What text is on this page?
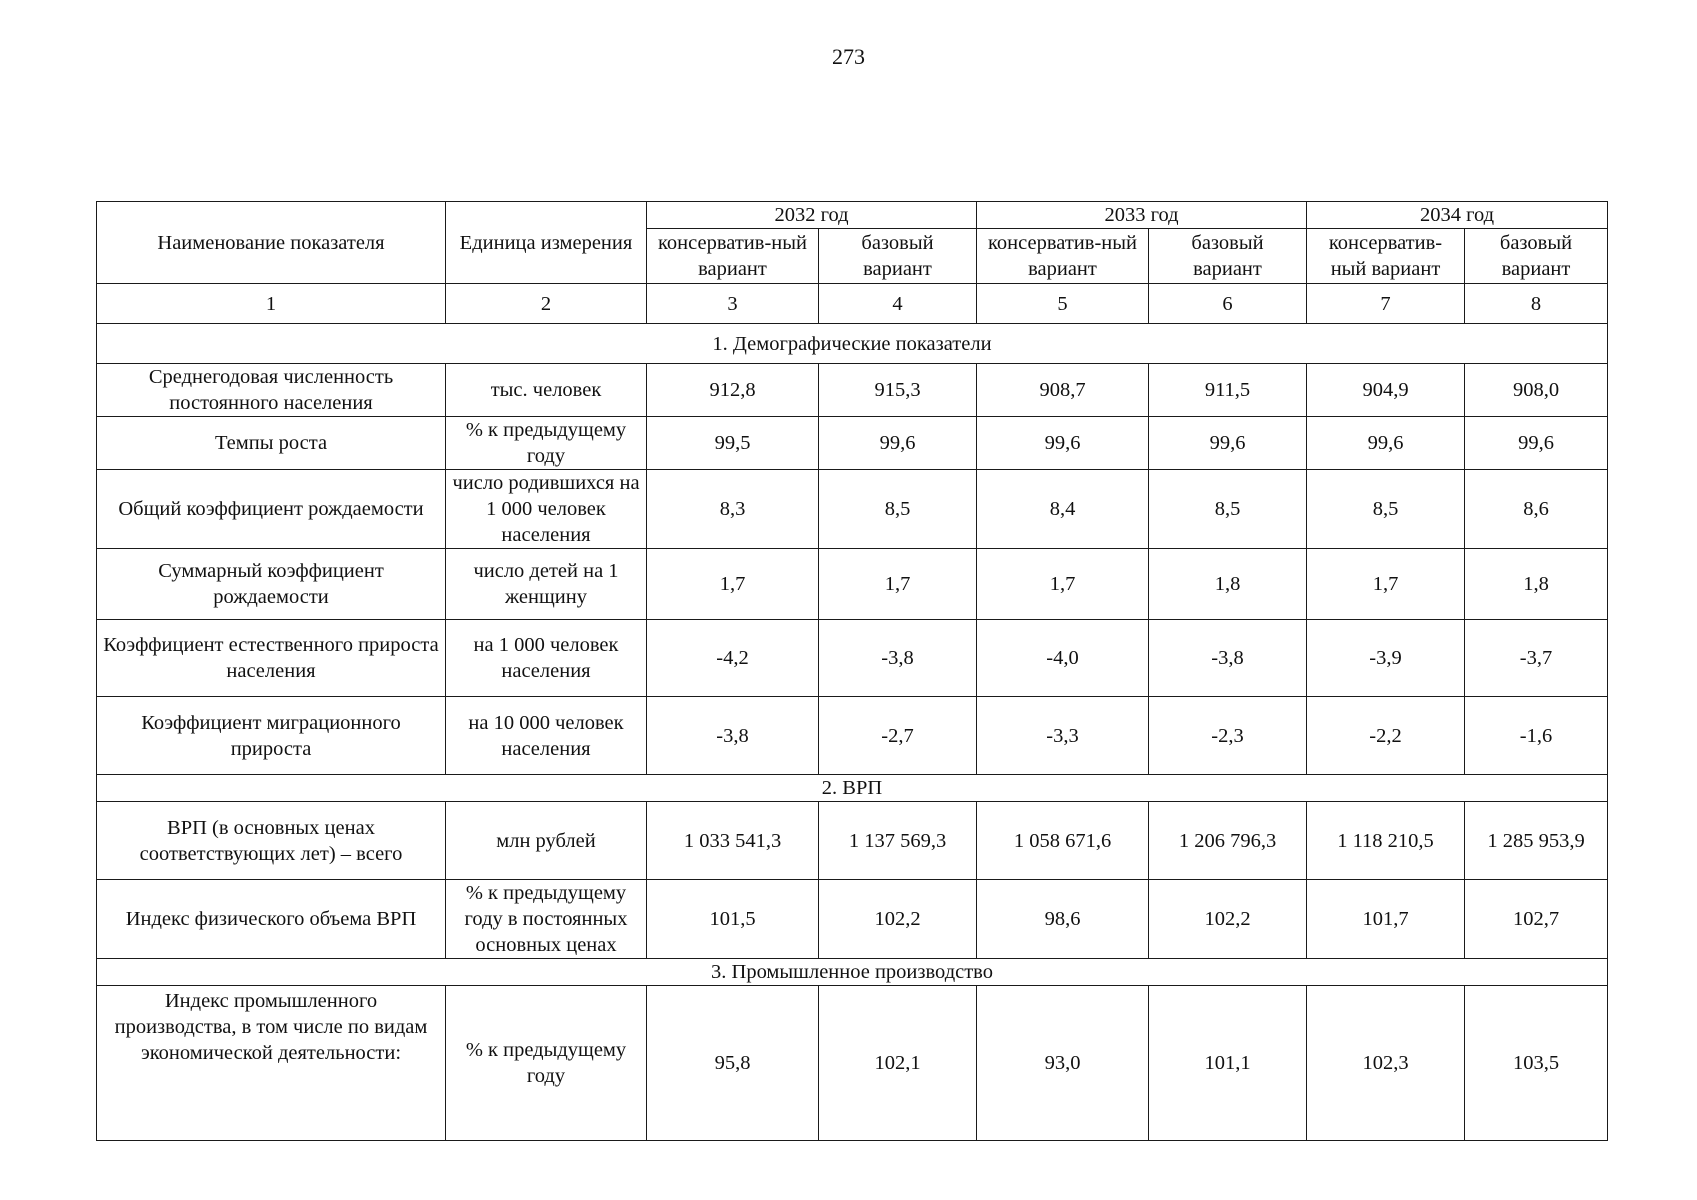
273
Наименование показателя	Единица измерения	2032 год		2033 год		2034 год	
		консерватив-ный вариант	базовый вариант	консерватив-ный вариант	базовый вариант	консерватив-ный вариант	базовый вариант
1	2	3	4	5	6	7	8
1. Демографические показатели							
Среднегодовая численность постоянного населения	тыс. человек	912,8	915,3	908,7	911,5	904,9	908,0
Темпы роста	% к предыдущему году	99,5	99,6	99,6	99,6	99,6	99,6
Общий коэффициент рождаемости	число родившихся на 1 000 человек населения	8,3	8,5	8,4	8,5	8,5	8,6
Суммарный коэффициент рождаемости	число детей на 1 женщину	1,7	1,7	1,7	1,8	1,7	1,8
Коэффициент естественного прироста населения	на 1 000 человек населения	-4,2	-3,8	-4,0	-3,8	-3,9	-3,7
Коэффициент миграционного прироста	на 10 000 человек населения	-3,8	-2,7	-3,3	-2,3	-2,2	-1,6
2. ВРП							
ВРП (в основных ценах соответствующих лет) – всего	млн рублей	1 033 541,3	1 137 569,3	1 058 671,6	1 206 796,3	1 118 210,5	1 285 953,9
Индекс физического объема ВРП	% к предыдущему году в постоянных основных ценах	101,5	102,2	98,6	102,2	101,7	102,7
3. Промышленное производство							
Индекс промышленного производства, в том числе по видам экономической деятельности:	% к предыдущему году	95,8	102,1	93,0	101,1	102,3	103,5
